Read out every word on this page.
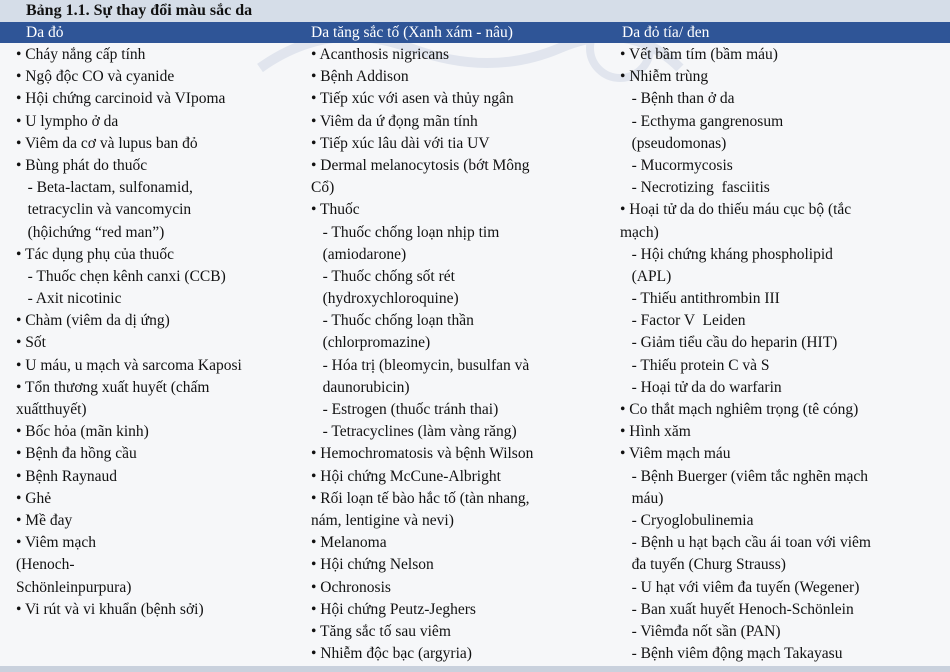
Bảng 1.1. Sự thay đổi màu sắc da
Da đỏ	Da tăng sắc tố (Xanh xám - nâu)	Da đỏ tía/ đen
• Cháy nắng cấp tính
• Ngộ độc CO và cyanide
• Hội chứng carcinoid và VIpoma
• U lympho ở da
• Viêm da cơ và lupus ban đỏ
• Bùng phát do thuốc
- Beta-lactam, sulfonamid,
tetracyclin và vancomycin
(hộichứng “red man”)
• Tác dụng phụ của thuốc
- Thuốc chẹn kênh canxi (CCB)
- Axit nicotinic
• Chàm (viêm da dị ứng)
• Sốt
• U máu, u mạch và sarcoma Kaposi
• Tổn thương xuất huyết (chấm
xuấtthuyết)
• Bốc hỏa (mãn kinh)
• Bệnh đa hồng cầu
• Bệnh Raynaud
• Ghẻ
• Mề đay
• Viêm mạch
(Henoch-
Schönleinpurpura)
• Vi rút và vi khuẩn (bệnh sởi)
• Acanthosis nigricans
• Bệnh Addison
• Tiếp xúc với asen và thủy ngân
• Viêm da ứ đọng mãn tính
• Tiếp xúc lâu dài với tia UV
• Dermal melanocytosis (bớt Mông
Cổ)
• Thuốc
- Thuốc chống loạn nhịp tim
(amiodarone)
- Thuốc chống sốt rét
(hydroxychloroquine)
- Thuốc chống loạn thần
(chlorpromazine)
- Hóa trị (bleomycin, busulfan và
daunorubicin)
- Estrogen (thuốc tránh thai)
- Tetracyclines (làm vàng răng)
• Hemochromatosis và bệnh Wilson
• Hội chứng McCune-Albright
• Rối loạn tế bào hắc tố (tàn nhang,
nám, lentigine và nevi)
• Melanoma
• Hội chứng Nelson
• Ochronosis
• Hội chứng Peutz-Jeghers
• Tăng sắc tố sau viêm
• Nhiễm độc bạc (argyria)
• Vết bầm tím (bầm máu)
• Nhiễm trùng
- Bệnh than ở da
- Ecthyma gangrenosum
(pseudomonas)
- Mucormycosis
- Necrotizing  fasciitis
• Hoại tử da do thiếu máu cục bộ (tắc
mạch)
- Hội chứng kháng phospholipid
(APL)
- Thiếu antithrombin III
- Factor V  Leiden
- Giảm tiểu cầu do heparin (HIT)
- Thiếu protein C và S
- Hoại tử da do warfarin
• Co thắt mạch nghiêm trọng (tê cóng)
• Hình xăm
• Viêm mạch máu
- Bệnh Buerger (viêm tắc nghẽn mạch
máu)
- Cryoglobulinemia
- Bệnh u hạt bạch cầu ái toan với viêm
đa tuyến (Churg Strauss)
- U hạt với viêm đa tuyến (Wegener)
- Ban xuất huyết Henoch-Schönlein
- Viêmđa nốt sần (PAN)
- Bệnh viêm động mạch Takayasu
